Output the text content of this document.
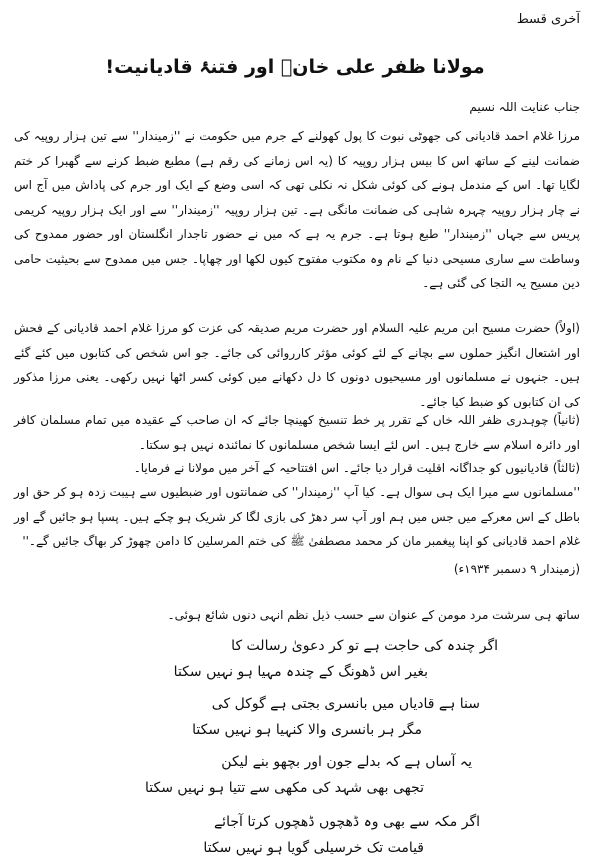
آخری قسط
مولانا ظفر علی خانؒ اور فتنۂ قادیانیت!
جناب عنایت اللہ نسیم
مرزا غلام احمد قادیانی کی جھوٹی نبوت کا پول کھولنے کے جرم میں حکومت نے ''زمیندار'' سے تین ہزار روپیہ کی ضمانت لینے کے ساتھ اس کا بیس ہزار روپیہ کا (یہ اس زمانے کی رقم ہے) مطبع ضبط کرنے سے گھبرا کر ختم لگایا تھا۔ اس کے مندمل ہونے کی کوئی شکل نہ نکلی تھی کہ اسی وضع کے ایک اور جرم کی پاداش میں آج اس نے چار ہزار روپیہ چہرہ شاہی کی ضمانت مانگی ہے۔ تین ہزار روپیہ ''زمیندار'' سے اور ایک ہزار روپیہ کریمی پریس سے جہاں ''زمیندار'' طبع ہوتا ہے۔ جرم یہ ہے کہ میں نے حضور تاجدار انگلستان اور حضور ممدوح کی وساطت سے ساری مسیحی دنیا کے نام وہ مکتوب مفتوح کیوں لکھا اور چھاپا۔ جس میں ممدوح سے بحیثیت حامی دین مسیح یہ التجا کی گئی ہے۔
(اولاً) حضرت مسیح ابن مریم علیہ السلام اور حضرت مریم صدیقہ کی عزت کو مرزا غلام احمد قادیانی کے فحش اور اشتعال انگیز حملوں سے بچانے کے لئے کوئی مؤثر کارروائی کی جائے۔ جو اس شخص کی کتابوں میں کئے گئے ہیں۔ جنہوں نے مسلمانوں اور مسیحیوں دونوں کا دل دکھانے میں کوئی کسر اٹھا نہیں رکھی۔ یعنی مرزا مذکور کی ان کتابوں کو ضبط کیا جائے۔
(ثانیاً) چوہدری ظفر اللہ خاں کے تقرر پر خط تنسیخ کھینچا جائے کہ ان صاحب کے عقیدہ میں تمام مسلمان کافر اور دائرہ اسلام سے خارج ہیں۔ اس لئے ایسا شخص مسلمانوں کا نمائندہ نہیں ہو سکتا۔
(ثالثاً) قادیانیوں کو جداگانہ اقلیت قرار دیا جائے۔ اس افتتاحیہ کے آخر میں مولانا نے فرمایا۔
''مسلمانوں سے میرا ایک ہی سوال ہے۔ کیا آپ ''زمیندار'' کی ضمانتوں اور ضبطیوں سے ہیبت زدہ ہو کر حق اور باطل کے اس معرکے میں جس میں ہم اور آپ سر دھڑ کی بازی لگا کر شریک ہو چکے ہیں۔ پسپا ہو جائیں گے اور غلام احمد قادیانی کو اپنا پیغمبر مان کر محمد مصطفیٰ ﷺ کی ختم المرسلین کا دامن چھوڑ کر بھاگ جائیں گے۔''
(زمیندار ۹ دسمبر ۱۹۳۴ء)
ساتھ ہی سرشت مرد مومن کے عنوان سے حسب ذیل نظم انہی دنوں شائع ہوئی۔
اگر چندہ کی حاجت ہے تو کر دعویٰ رسالت کا
بغیر اس ڈھونگ کے چندہ مہیا ہو نہیں سکتا
سنا ہے قادیاں میں بانسری بجتی ہے گوکل کی
مگر ہر بانسری والا کنہیا ہو نہیں سکتا
یہ آساں ہے کہ بدلے جون اور بچھو بنے لیکن
تجھی بھی شہد کی مکھی سے تتیا ہو نہیں سکتا
اگر مکہ سے بھی وہ ڈھچوں ڈھچوں کرتا آجائے
قیامت تک خرسیلی گویا ہو نہیں سکتا
